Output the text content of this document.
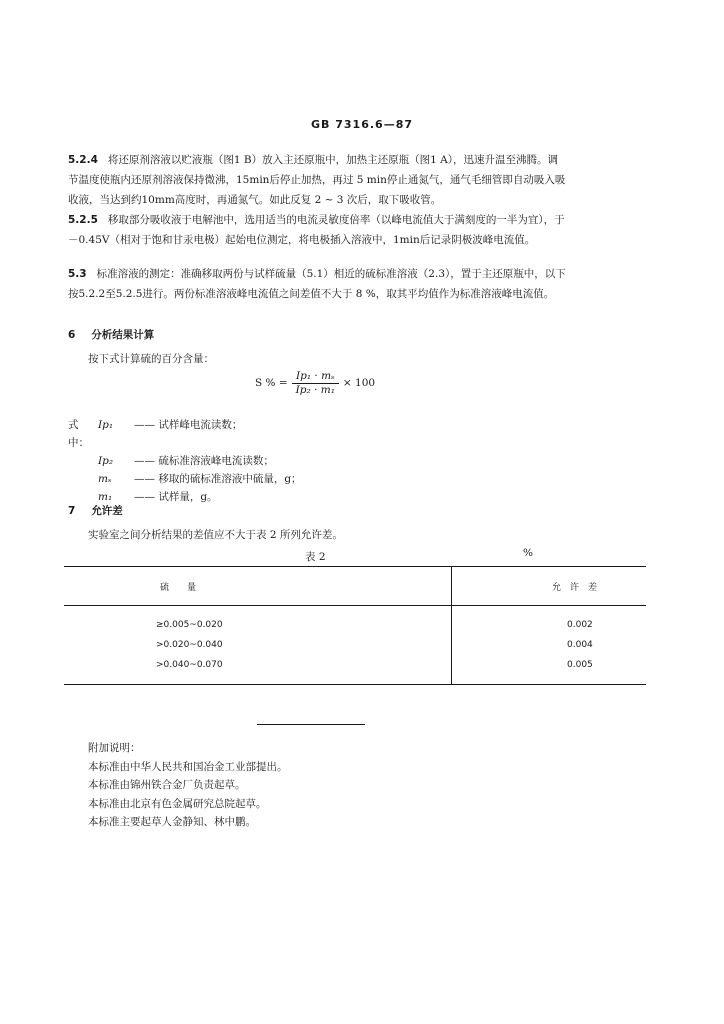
GB 7316.6—87
5.2.4 将还原剂溶液以贮液瓶（图1 B）放入主还原瓶中，加热主还原瓶（图1 A），迅速升温至沸腾。调节温度使瓶内还原剂溶液保持微沸，15min后停止加热，再过 5 min停止通氮气，通气毛细管即自动吸入吸收液，当达到约10mm高度时，再通氮气。如此反复 2 ~ 3 次后，取下吸收管。
5.2.5 移取部分吸收液于电解池中，选用适当的电流灵敏度倍率（以峰电流值大于满刻度的一半为宜），于－0.45V（相对于饱和甘汞电极）起始电位测定，将电极插入溶液中，1min后记录阴极波峰电流值。
5.3 标准溶液的测定：准确移取两份与试样硫量（5.1）相近的硫标准溶液（2.3），置于主还原瓶中，以下按5.2.2至5.2.5进行。两份标准溶液峰电流值之间差值不大于 8 %，取其平均值作为标准溶液峰电流值。
6 分析结果计算
按下式计算硫的百分含量：
S % = $\frac{\text{Ip₁ · mₛ}}{\text{Ip₂ · m₁}} \times 100$
式中：
Ip₁	—— 试样峰电流读数；
Ip₂	—— 硫标准溶液峰电流读数；
mₛ	—— 移取的硫标准溶液中硫量，g；
m₁	—— 试样量，g。
7 允许差
实验室之间分析结果的差值应不大于表 2 所列允许差。
表 2	%
硫　　量	允　许　差
≥0.005~0.020	0.002
>0.020~0.040	0.004
>0.040~0.070	0.005
附加说明：
本标准由中华人民共和国冶金工业部提出。
本标准由锦州铁合金厂负责起草。
本标准由北京有色金属研究总院起草。
本标准主要起草人金静知、林中鹏。
